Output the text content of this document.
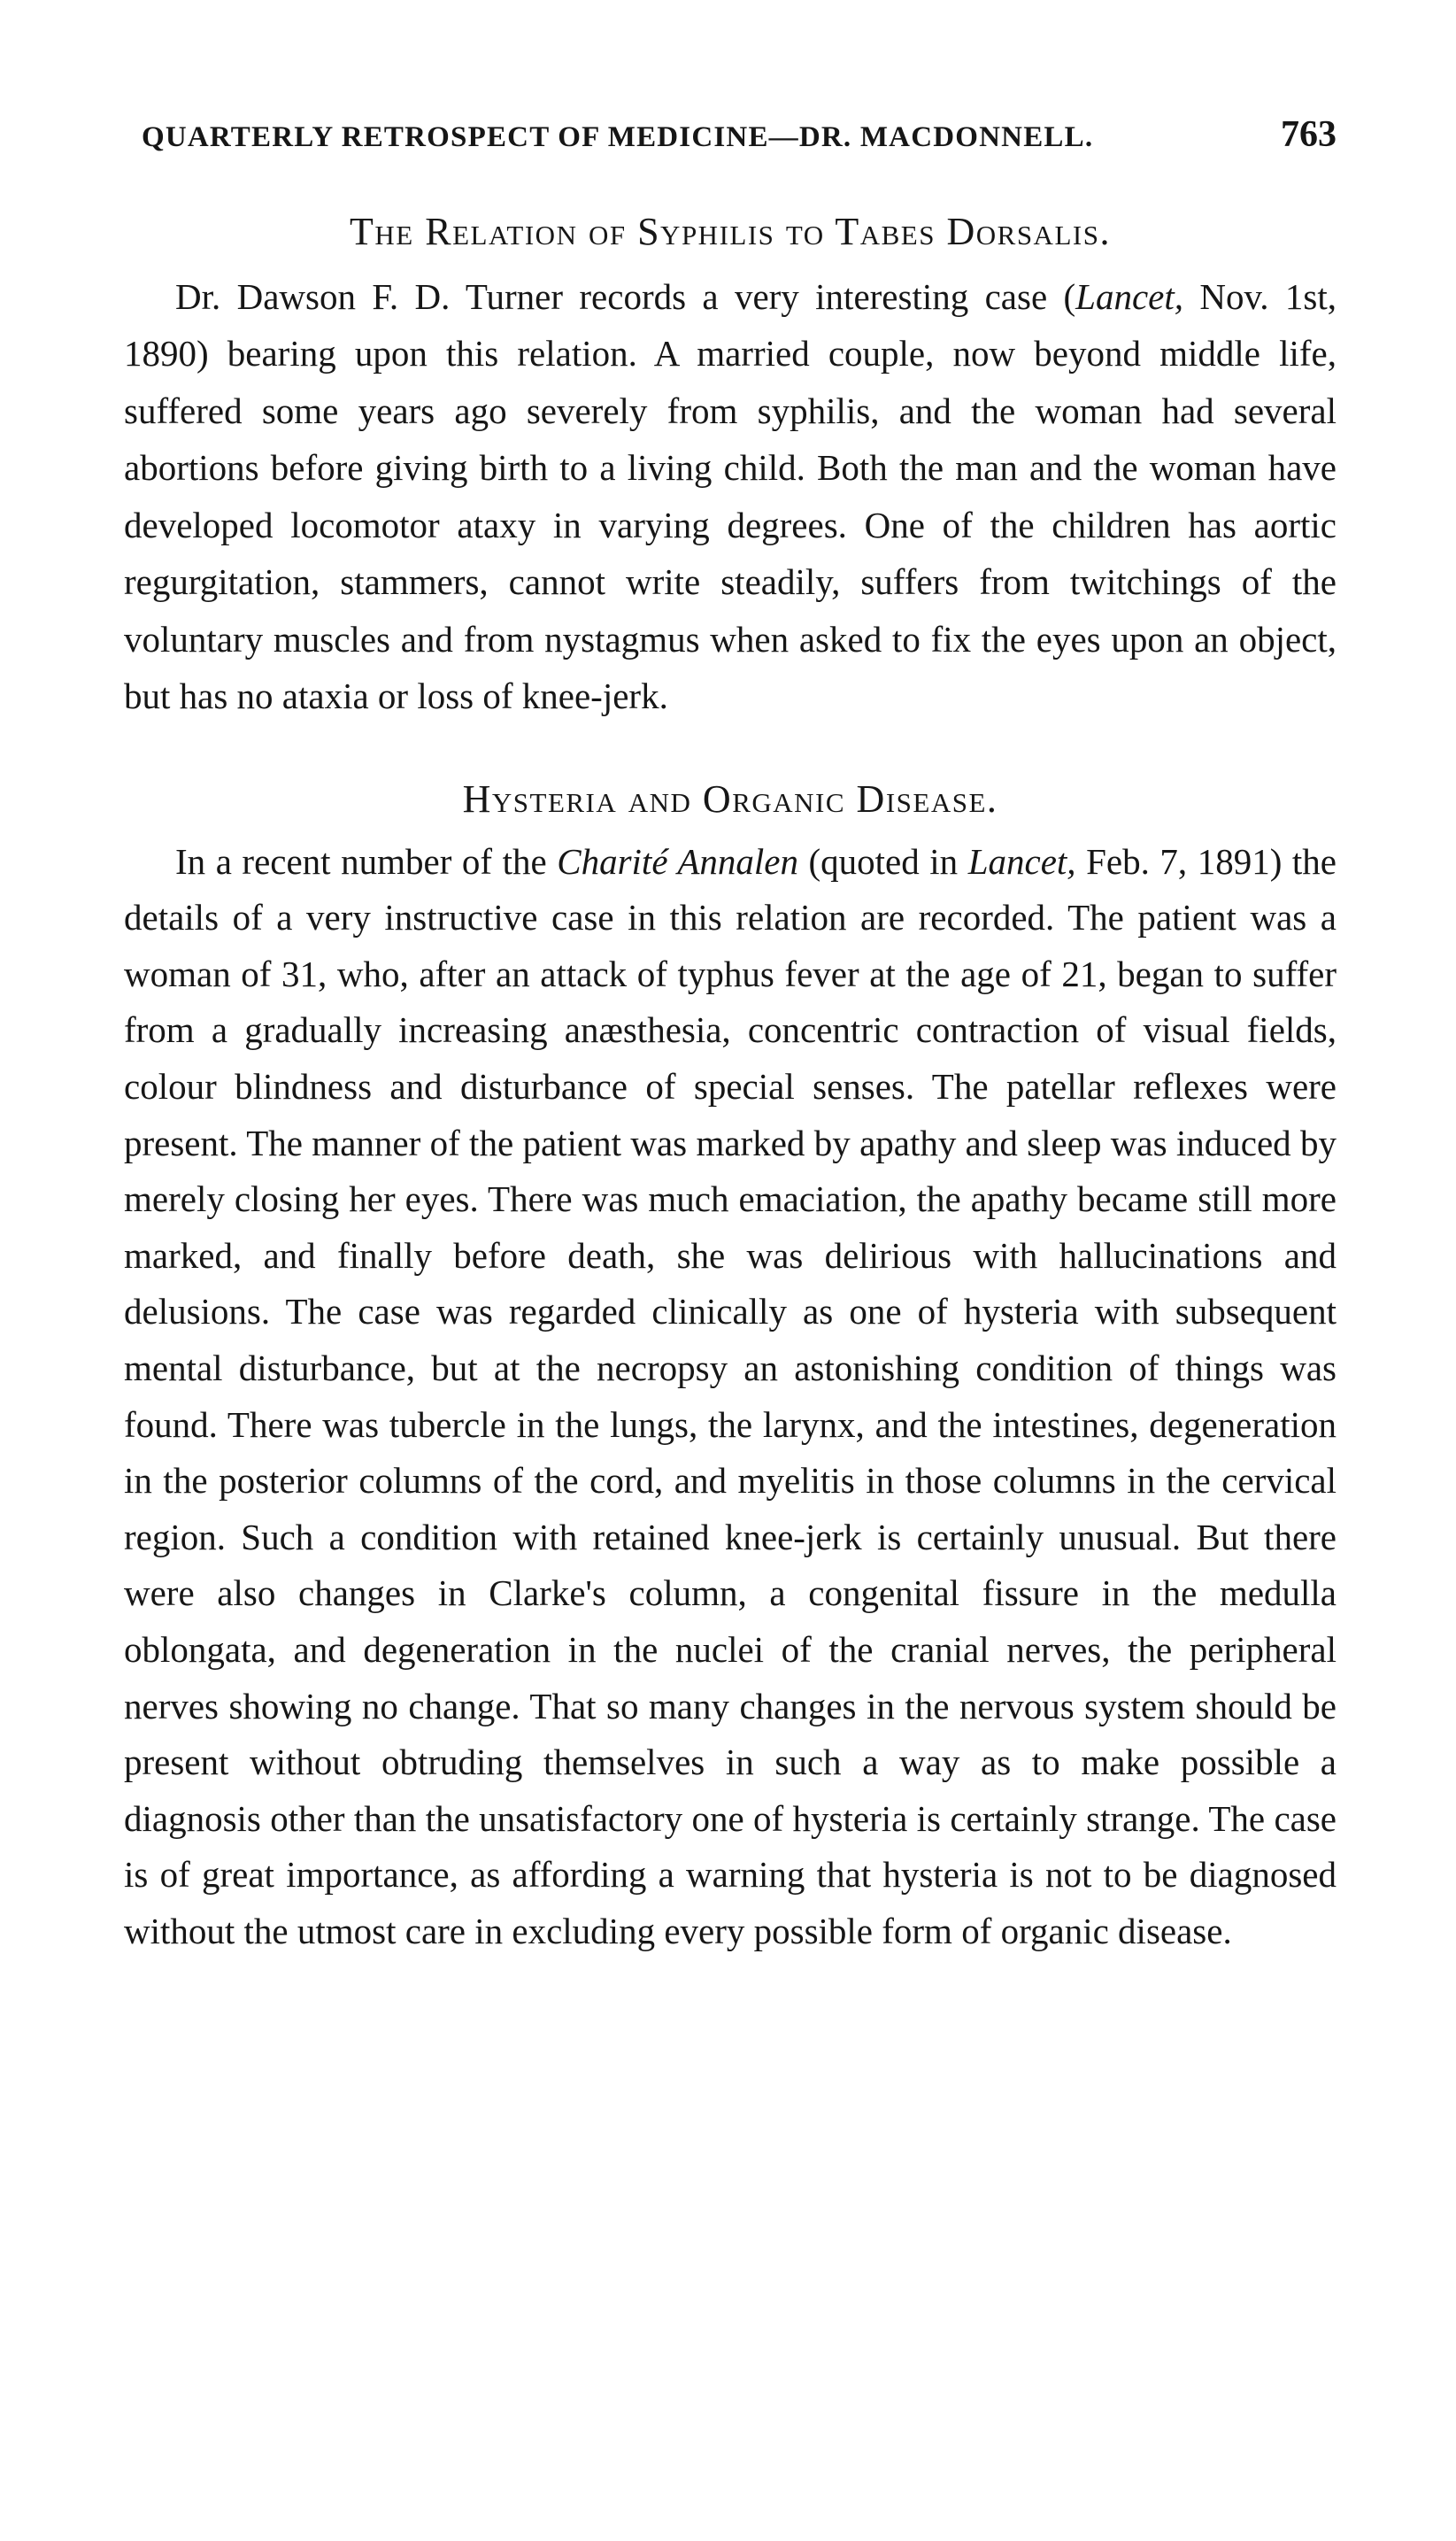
QUARTERLY RETROSPECT OF MEDICINE—DR. MACDONNELL.	763
The Relation of Syphilis to Tabes Dorsalis.

Dr. Dawson F. D. Turner records a very interesting case (Lancet, Nov. 1st, 1890) bearing upon this relation. A married couple, now beyond middle life, suffered some years ago severely from syphilis, and the woman had several abortions before giving birth to a living child. Both the man and the woman have developed locomotor ataxy in varying degrees. One of the children has aortic regurgitation, stammers, cannot write steadily, suffers from twitchings of the voluntary muscles and from nystagmus when asked to fix the eyes upon an object, but has no ataxia or loss of knee-jerk.

Hysteria and Organic Disease.

In a recent number of the Charité Annalen (quoted in Lancet, Feb. 7, 1891) the details of a very instructive case in this relation are recorded. The patient was a woman of 31, who, after an attack of typhus fever at the age of 21, began to suffer from a gradually increasing anæsthesia, concentric contraction of visual fields, colour blindness and disturbance of special senses. The patellar reflexes were present. The manner of the patient was marked by apathy and sleep was induced by merely closing her eyes. There was much emaciation, the apathy became still more marked, and finally before death, she was delirious with hallucinations and delusions. The case was regarded clinically as one of hysteria with subsequent mental disturbance, but at the necropsy an astonishing condition of things was found. There was tubercle in the lungs, the larynx, and the intestines, degeneration in the posterior columns of the cord, and myelitis in those columns in the cervical region. Such a condition with retained knee-jerk is certainly unusual. But there were also changes in Clarke's column, a congenital fissure in the medulla oblongata, and degeneration in the nuclei of the cranial nerves, the peripheral nerves showing no change. That so many changes in the nervous system should be present without obtruding themselves in such a way as to make possible a diagnosis other than the unsatisfactory one of hysteria is certainly strange. The case is of great importance, as affording a warning that hysteria is not to be diagnosed without the utmost care in excluding every possible form of organic disease.
